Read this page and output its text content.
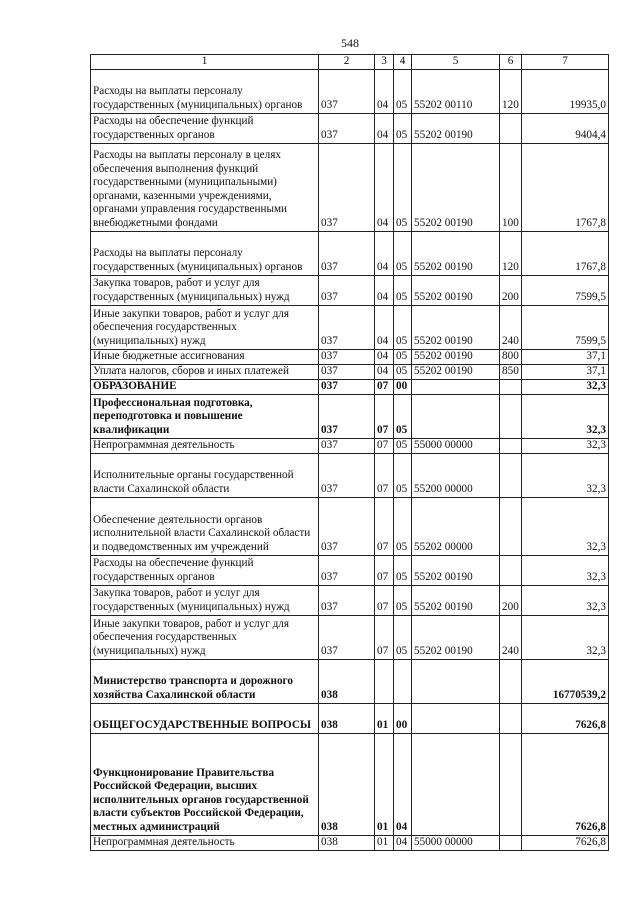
548
1	2	3	4	5	6	7
Расходы на выплаты персоналу государственных (муниципальных) органов	037	04	05	55202 00110	120	19935,0
Расходы на обеспечение функций государственных органов	037	04	05	55202 00190		9404,4
Расходы на выплаты персоналу в целях обеспечения выполнения функций государственными (муниципальными) органами, казенными учреждениями, органами управления государственными внебюджетными фондами	037	04	05	55202 00190	100	1767,8
Расходы на выплаты персоналу государственных (муниципальных) органов	037	04	05	55202 00190	120	1767,8
Закупка товаров, работ и услуг для государственных (муниципальных) нужд	037	04	05	55202 00190	200	7599,5
Иные закупки товаров, работ и услуг для обеспечения государственных (муниципальных) нужд	037	04	05	55202 00190	240	7599,5
Иные бюджетные ассигнования	037	04	05	55202 00190	800	37,1
Уплата налогов, сборов и иных платежей	037	04	05	55202 00190	850	37,1
ОБРАЗОВАНИЕ	037	07	00			32,3
Профессиональная подготовка, переподготовка и повышение квалификации	037	07	05			32,3
Непрограммная деятельность	037	07	05	55000 00000		32,3
Исполнительные органы государственной власти Сахалинской области	037	07	05	55200 00000		32,3
Обеспечение деятельности органов исполнительной власти Сахалинской области и подведомственных им учреждений	037	07	05	55202 00000		32,3
Расходы на обеспечение функций государственных органов	037	07	05	55202 00190		32,3
Закупка товаров, работ и услуг для государственных (муниципальных) нужд	037	07	05	55202 00190	200	32,3
Иные закупки товаров, работ и услуг для обеспечения государственных (муниципальных) нужд	037	07	05	55202 00190	240	32,3
Министерство транспорта и дорожного хозяйства Сахалинской области	038					16770539,2
ОБЩЕГОСУДАРСТВЕННЫЕ ВОПРОСЫ	038	01	00			7626,8
Функционирование Правительства Российской Федерации, высших исполнительных органов государственной власти субъектов Российской Федерации, местных администраций	038	01	04			7626,8
Непрограммная деятельность	038	01	04	55000 00000		7626,8
